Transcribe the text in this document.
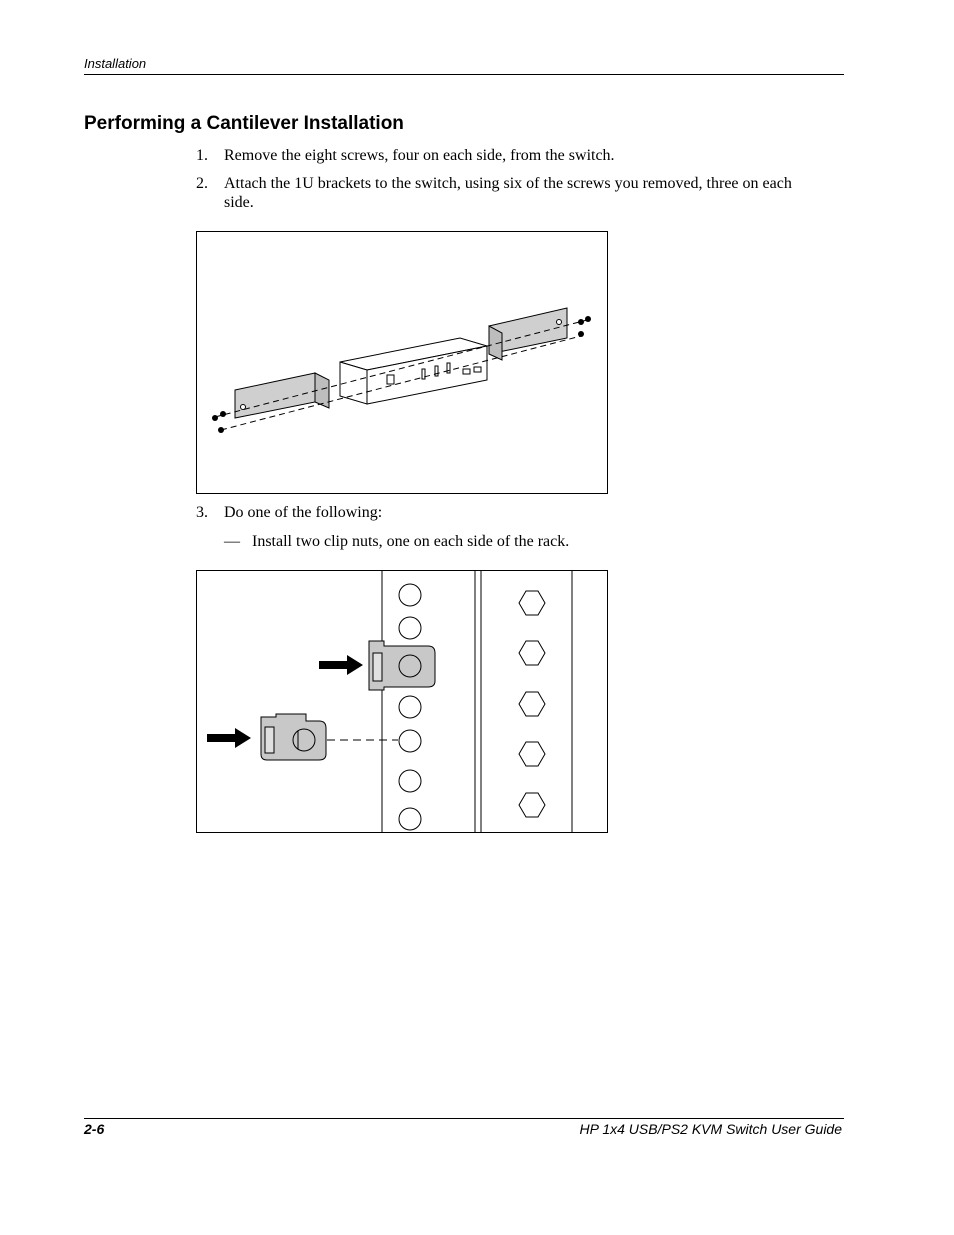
Installation
Performing a Cantilever Installation
1. Remove the eight screws, four on each side, from the switch.
2. Attach the 1U brackets to the switch, using six of the screws you removed, three on each
side.
3. Do one of the following:
— Install two clip nuts, one on each side of the rack.
2-6	HP 1x4 USB/PS2 KVM Switch User Guide
